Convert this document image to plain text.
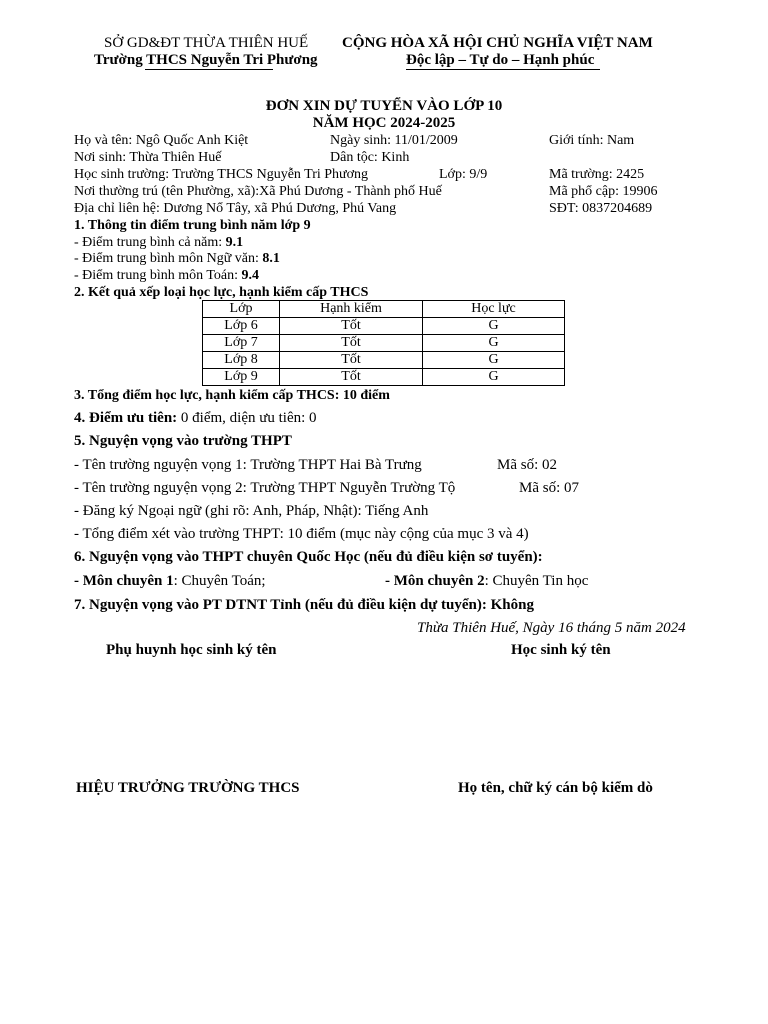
SỞ GD&ĐT THỪA THIÊN HUẾ
Trường THCS Nguyễn Tri Phương
CỘNG HÒA XÃ HỘI CHỦ NGHĨA VIỆT NAM
Độc lập – Tự do – Hạnh phúc
ĐƠN XIN DỰ TUYỂN VÀO LỚP 10
NĂM HỌC 2024-2025
Họ và tên: Ngô Quốc Anh Kiệt	Ngày sinh: 11/01/2009	Giới tính: Nam
Nơi sinh: Thừa Thiên Huế	Dân tộc: Kinh
Học sinh trường: Trường THCS Nguyễn Tri Phương	Lớp: 9/9	Mã trường: 2425
Nơi thường trú (tên Phường, xã):Xã Phú Dương - Thành phố Huế	Mã phổ cập: 19906
Địa chỉ liên hệ: Dương Nổ Tây, xã Phú Dương, Phú Vang	SĐT: 0837204689
1. Thông tin điểm trung bình năm lớp 9
- Điểm trung bình cả năm: 9.1
- Điểm trung bình môn Ngữ văn: 8.1
- Điểm trung bình môn Toán: 9.4
2. Kết quả xếp loại học lực, hạnh kiểm cấp THCS
Lớp	Hạnh kiểm	Học lực
Lớp 6	Tốt	G
Lớp 7	Tốt	G
Lớp 8	Tốt	G
Lớp 9	Tốt	G
3. Tổng điểm học lực, hạnh kiểm cấp THCS: 10 điểm
4. Điểm ưu tiên: 0 điểm, diện ưu tiên: 0
5. Nguyện vọng vào trường THPT
- Tên trường nguyện vọng 1: Trường THPT Hai Bà Trưng	Mã số: 02
- Tên trường nguyện vọng 2: Trường THPT Nguyễn Trường Tộ	Mã số: 07
- Đăng ký Ngoại ngữ (ghi rõ: Anh, Pháp, Nhật): Tiếng Anh
- Tổng điểm xét vào trường THPT: 10 điểm (mục này cộng của mục 3 và 4)
6. Nguyện vọng vào THPT chuyên Quốc Học (nếu đủ điều kiện sơ tuyển):
- Môn chuyên 1: Chuyên Toán;	- Môn chuyên 2: Chuyên Tin học
7. Nguyện vọng vào PT DTNT Tỉnh (nếu đủ điều kiện dự tuyển): Không
Thừa Thiên Huế, Ngày 16 tháng 5 năm 2024
Phụ huynh học sinh ký tên	Học sinh ký tên
HIỆU TRƯỞNG TRƯỜNG THCS	Họ tên, chữ ký cán bộ kiểm dò
